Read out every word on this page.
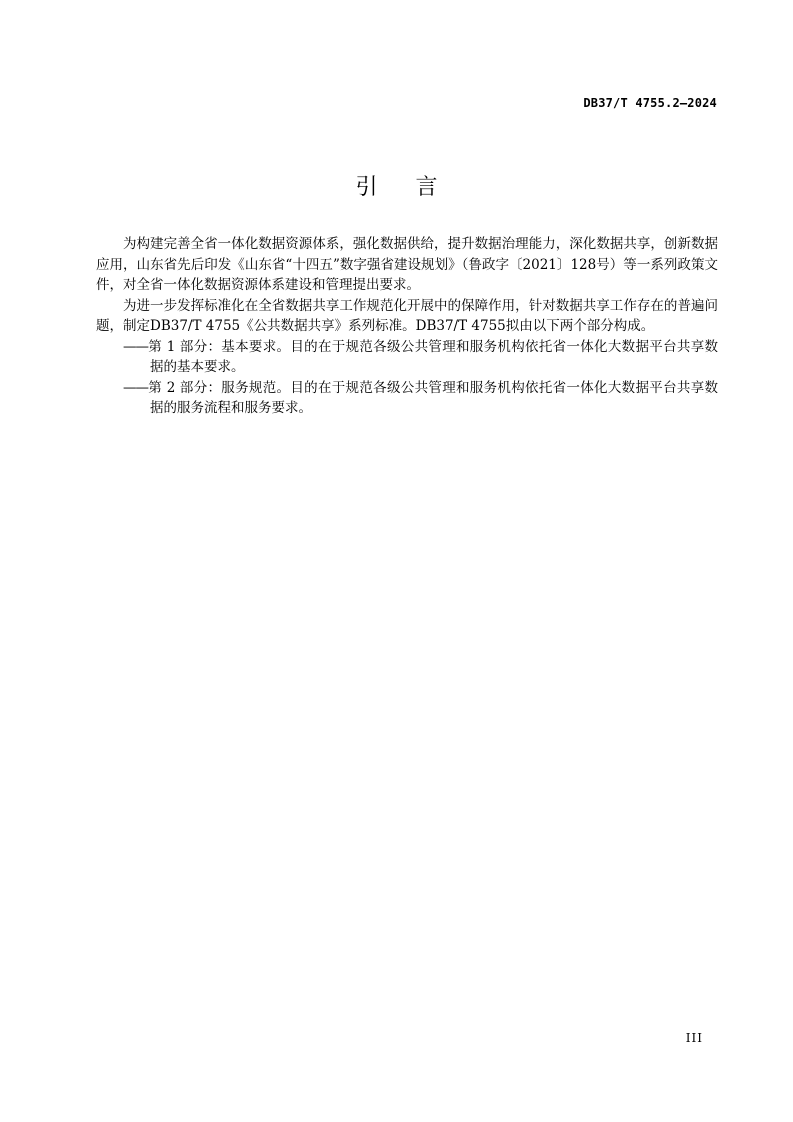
DB37/T 4755.2—2024
引言

为构建完善全省一体化数据资源体系，强化数据供给，提升数据治理能力，深化数据共享，创新数据应用，山东省先后印发《山东省“十四五”数字强省建设规划》（鲁政字〔2021〕128号）等一系列政策文件，对全省一体化数据资源体系建设和管理提出要求。

为进一步发挥标准化在全省数据共享工作规范化开展中的保障作用，针对数据共享工作存在的普遍问题，制定DB37/T 4755《公共数据共享》系列标准。DB37/T 4755拟由以下两个部分构成。

——第 1 部分：基本要求。目的在于规范各级公共管理和服务机构依托省一体化大数据平台共享数据的基本要求。

——第 2 部分：服务规范。目的在于规范各级公共管理和服务机构依托省一体化大数据平台共享数据的服务流程和服务要求。

III
